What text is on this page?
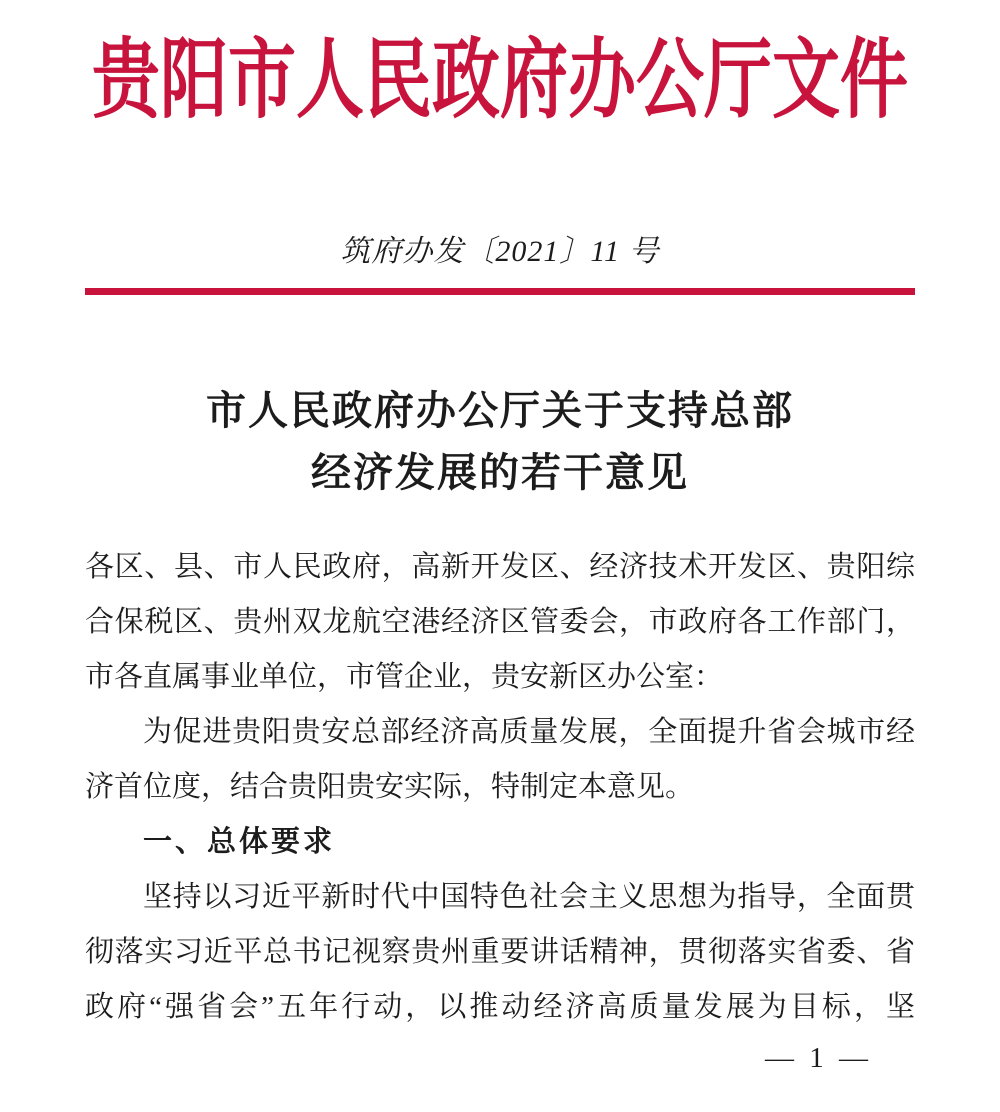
贵阳市人民政府办公厅文件
筑府办发〔2021〕11 号
市人民政府办公厅关于支持总部
经济发展的若干意见
各区、县、市人民政府，高新开发区、经济技术开发区、贵阳综
合保税区、贵州双龙航空港经济区管委会，市政府各工作部门，
市各直属事业单位，市管企业，贵安新区办公室：
为促进贵阳贵安总部经济高质量发展，全面提升省会城市经
济首位度，结合贵阳贵安实际，特制定本意见。
一、总体要求
坚持以习近平新时代中国特色社会主义思想为指导，全面贯
彻落实习近平总书记视察贵州重要讲话精神，贯彻落实省委、省
政府“强省会”五年行动，以推动经济高质量发展为目标，坚
— 1 —
